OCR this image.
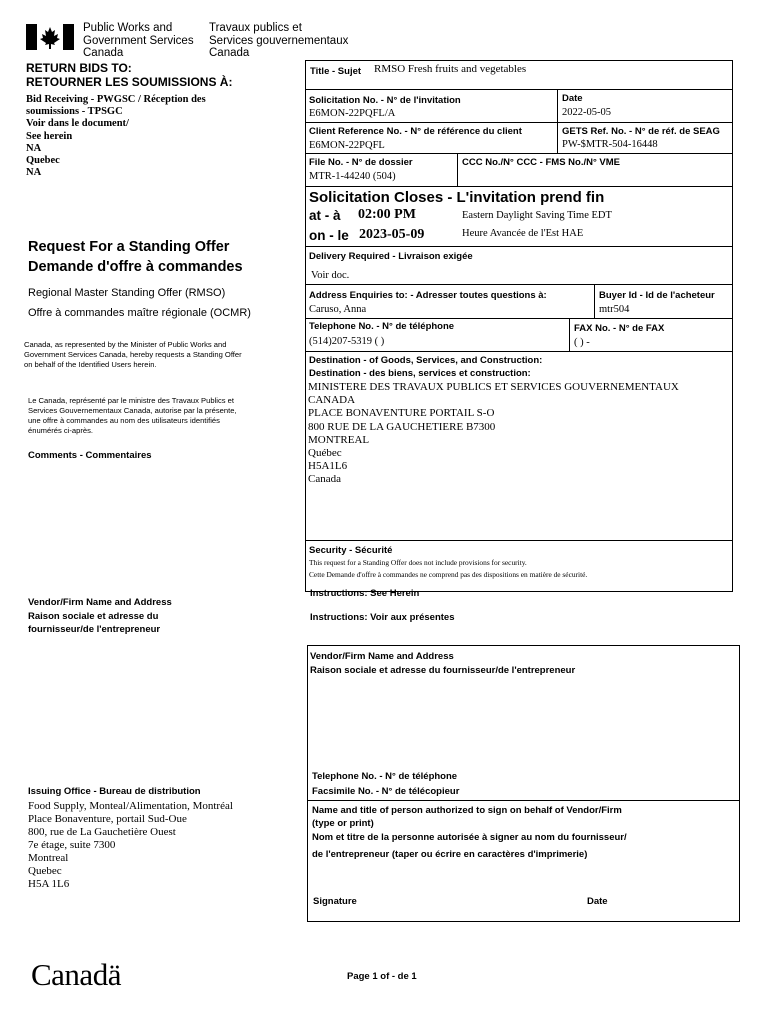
Public Works and
Government Services
Canada
Travaux publics et
Services gouvernementaux
Canada
RETURN BIDS TO:
RETOURNER LES SOUMISSIONS À:
Bid Receiving - PWGSC / Réception des
soumissions - TPSGC
Voir dans le document/
See herein
NA
Quebec
NA
Request For a Standing Offer
Demande d'offre à commandes
Regional Master Standing Offer (RMSO)
Offre à commandes maître régionale (OCMR)
Canada, as represented by the Minister of Public Works and
Government Services Canada, hereby requests a Standing Offer
on behalf of the Identified Users herein.
Le Canada, représenté par le ministre des Travaux Publics et
Services Gouvernementaux Canada, autorise par la présente,
une offre à commandes au nom des utilisateurs identifiés
énumérés ci-après.
Comments - Commentaires
Vendor/Firm Name and Address
Raison sociale et adresse du
fournisseur/de l'entrepreneur
Issuing Office - Bureau de distribution
Food Supply, Monteal/Alimentation, Montréal
Place Bonaventure, portail Sud-Oue
800, rue de La Gauchetière Ouest
7e étage, suite 7300
Montreal
Quebec
H5A 1L6
Title - Sujet RMSO Fresh fruits and vegetables
Solicitation No. - N° de l'invitation
E6MON-22PQFL/A
Date
2022-05-05
Client Reference No. - N° de référence du client
E6MON-22PQFL
GETS Ref. No. - N° de réf. de SEAG
PW-$MTR-504-16448
File No. - N° de dossier
MTR-1-44240 (504)
CCC No./N° CCC - FMS No./N° VME
Solicitation Closes - L'invitation prend fin
at - à 02:00 PM	Eastern Daylight Saving Time EDT
on - le 2023-05-09	Heure Avancée de l'Est HAE
Delivery Required - Livraison exigée
Voir doc.
Address Enquiries to: - Adresser toutes questions à:
Caruso, Anna
Buyer Id - Id de l'acheteur
mtr504
Telephone No. - N° de téléphone
(514)207-5319 ( )
FAX No. - N° de FAX
( ) -
Destination - of Goods, Services, and Construction:
Destination - des biens, services et construction:
MINISTERE DES TRAVAUX PUBLICS ET SERVICES GOUVERNEMENTAUX
CANADA
PLACE BONAVENTURE PORTAIL S-O
800 RUE DE LA GAUCHETIERE B7300
MONTREAL
Québec
H5A1L6
Canada
Security - Sécurité
This request for a Standing Offer does not include provisions for security.
Cette Demande d'offre à commandes ne comprend pas des dispositions en matière de sécurité.
Instructions: See Herein
Instructions: Voir aux présentes
Vendor/Firm Name and Address
Raison sociale et adresse du fournisseur/de l'entrepreneur
Telephone No. - N° de téléphone
Facsimile No. - N° de télécopieur
Name and title of person authorized to sign on behalf of Vendor/Firm
(type or print)
Nom et titre de la personne autorisée à signer au nom du fournisseur/
de l'entrepreneur (taper ou écrire en caractères d'imprimerie)
Signature	Date
Canadä	Page 1 of - de 1
